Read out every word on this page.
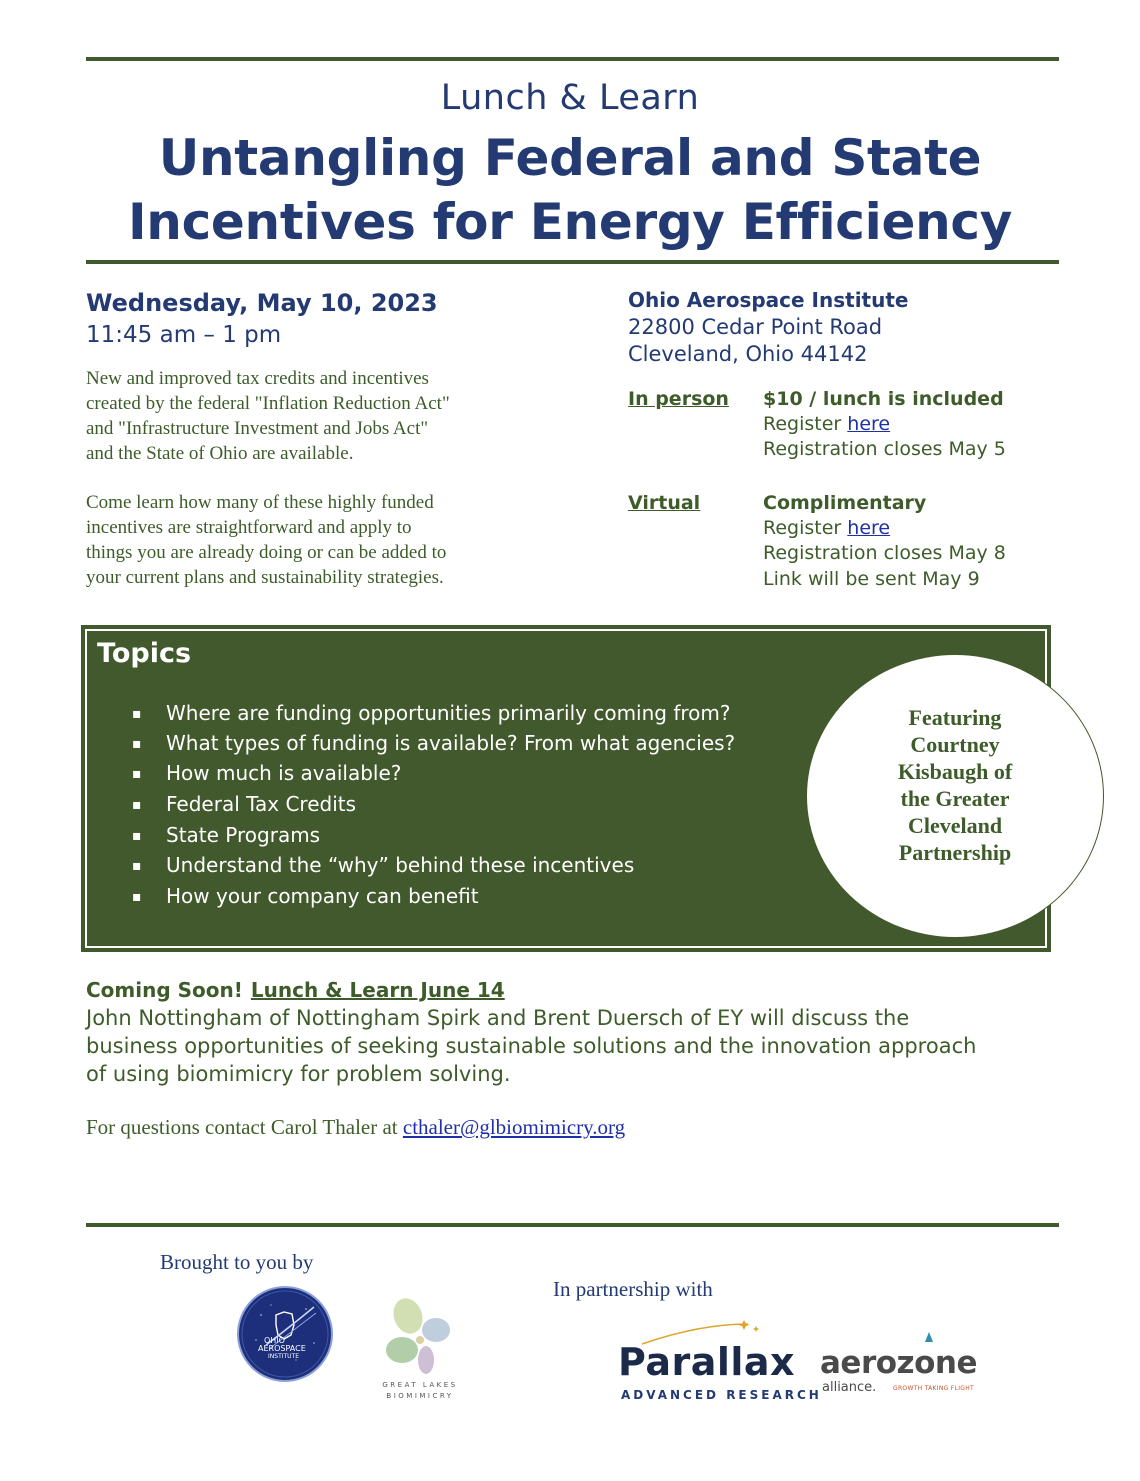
Lunch & Learn
Untangling Federal and State
Incentives for Energy Efficiency
Wednesday, May 10, 2023
11:45 am – 1 pm
New and improved tax credits and incentives
created by the federal "Inflation Reduction Act"
and "Infrastructure Investment and Jobs Act"
and the State of Ohio are available.
Come learn how many of these highly funded
incentives are straightforward and apply to
things you are already doing or can be added to
your current plans and sustainability strategies.
Ohio Aerospace Institute
22800 Cedar Point Road
Cleveland, Ohio 44142
In person $10 / lunch is included
Register here
Registration closes May 5
Virtual	Complimentary
Register here
Registration closes May 8
Link will be sent May 9
Topics
▪ Where are funding opportunities primarily coming from?
▪ What types of funding is available? From what agencies?
▪ How much is available?
▪ Federal Tax Credits
▪ State Programs
▪ Understand the “why” behind these incentives
▪ How your company can benefit
Featuring
Courtney
Kisbaugh of
the Greater
Cleveland
Partnership
Coming Soon! Lunch & Learn June 14
John Nottingham of Nottingham Spirk and Brent Duersch of EY will discuss the
business opportunities of seeking sustainable solutions and the innovation approach
of using biomimicry for problem solving.
For questions contact Carol Thaler at cthaler@glbiomimicry.org
Brought to you by
In partnership with
OHIO
AEROSPACE
INSTITUTE
GREAT LAKES
BIOMIMICRY
Parallax
ADVANCED RESEARCH
aerozone
alliance.	GROWTH TAKING FLIGHT
